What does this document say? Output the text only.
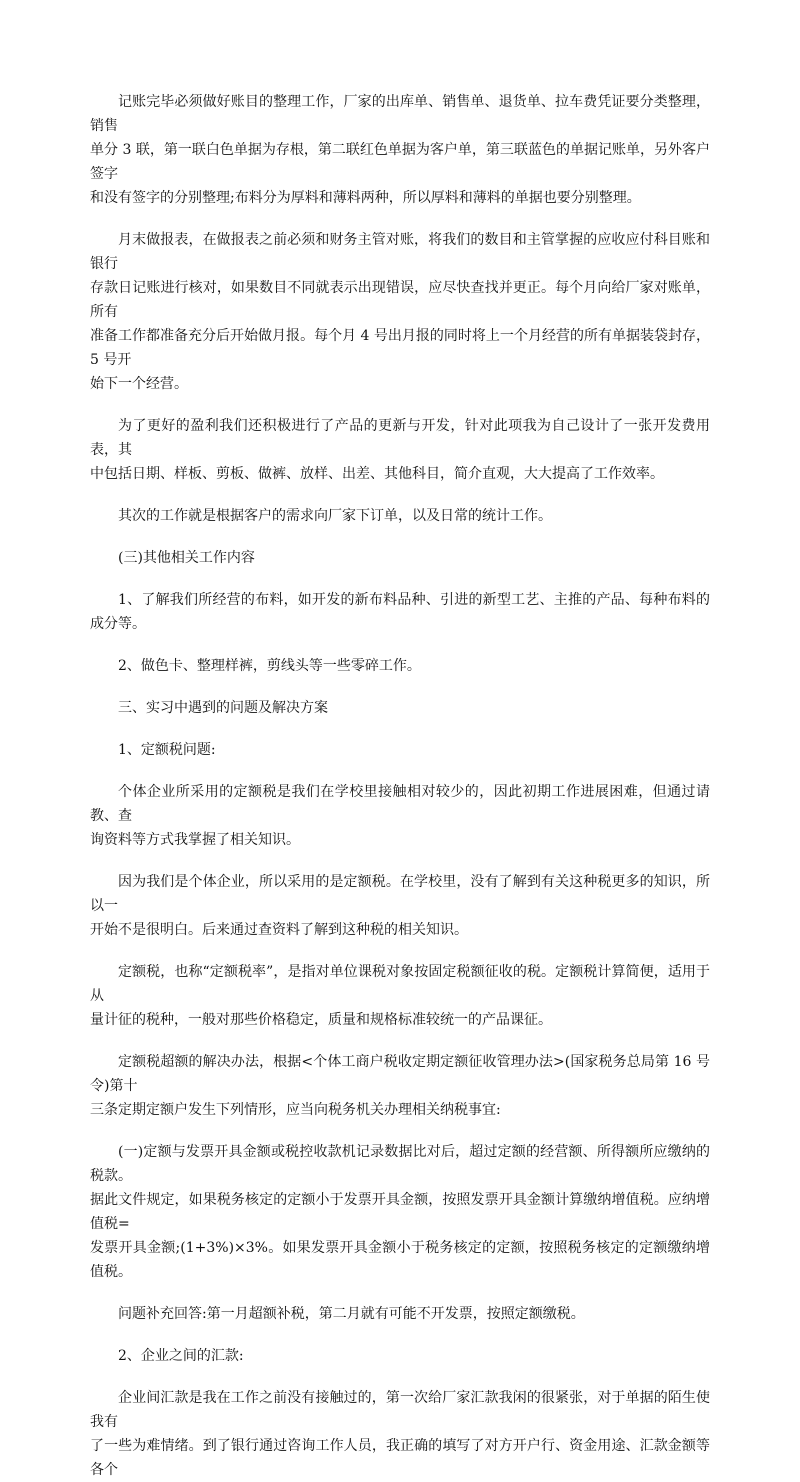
记账完毕必须做好账目的整理工作，厂家的出库单、销售单、退货单、拉车费凭证要分类整理，销售
单分 3 联，第一联白色单据为存根，第二联红色单据为客户单，第三联蓝色的单据记账单，另外客户签字
和没有签字的分别整理;布料分为厚料和薄料两种，所以厚料和薄料的单据也要分别整理。

月末做报表，在做报表之前必须和财务主管对账，将我们的数目和主管掌握的应收应付科目账和银行
存款日记账进行核对，如果数目不同就表示出现错误，应尽快查找并更正。每个月向给厂家对账单，所有
准备工作都准备充分后开始做月报。每个月 4 号出月报的同时将上一个月经营的所有单据装袋封存，5 号开
始下一个经营。

为了更好的盈利我们还积极进行了产品的更新与开发，针对此项我为自己设计了一张开发费用表，其
中包括日期、样板、剪板、做裤、放样、出差、其他科目，简介直观，大大提高了工作效率。

其次的工作就是根据客户的需求向厂家下订单，以及日常的统计工作。

(三)其他相关工作内容

1、了解我们所经营的布料，如开发的新布料品种、引进的新型工艺、主推的产品、每种布料的成分等。

2、做色卡、整理样裤，剪线头等一些零碎工作。

三、实习中遇到的问题及解决方案

1、定额税问题:

个体企业所采用的定额税是我们在学校里接触相对较少的，因此初期工作进展困难，但通过请教、查
询资料等方式我掌握了相关知识。

因为我们是个体企业，所以采用的是定额税。在学校里，没有了解到有关这种税更多的知识，所以一
开始不是很明白。后来通过查资料了解到这种税的相关知识。

定额税，也称“定额税率”，是指对单位课税对象按固定税额征收的税。定额税计算简便，适用于从
量计征的税种，一般对那些价格稳定，质量和规格标准较统一的产品课征。

定额税超额的解决办法，根据<个体工商户税收定期定额征收管理办法>(国家税务总局第 16 号令)第十
三条定期定额户发生下列情形，应当向税务机关办理相关纳税事宜:

(一)定额与发票开具金额或税控收款机记录数据比对后，超过定额的经营额、所得额所应缴纳的税款。
据此文件规定，如果税务核定的定额小于发票开具金额，按照发票开具金额计算缴纳增值税。应纳增值税=
发票开具金额;(1+3%)×3%。如果发票开具金额小于税务核定的定额，按照税务核定的定额缴纳增值税。

问题补充回答:第一月超额补税，第二月就有可能不开发票，按照定额缴税。

2、企业之间的汇款:

企业间汇款是我在工作之前没有接触过的，第一次给厂家汇款我闲的很紧张，对于单据的陌生使我有
了一些为难情绪。到了银行通过咨询工作人员，我正确的填写了对方开户行、资金用途、汇款金额等各个
